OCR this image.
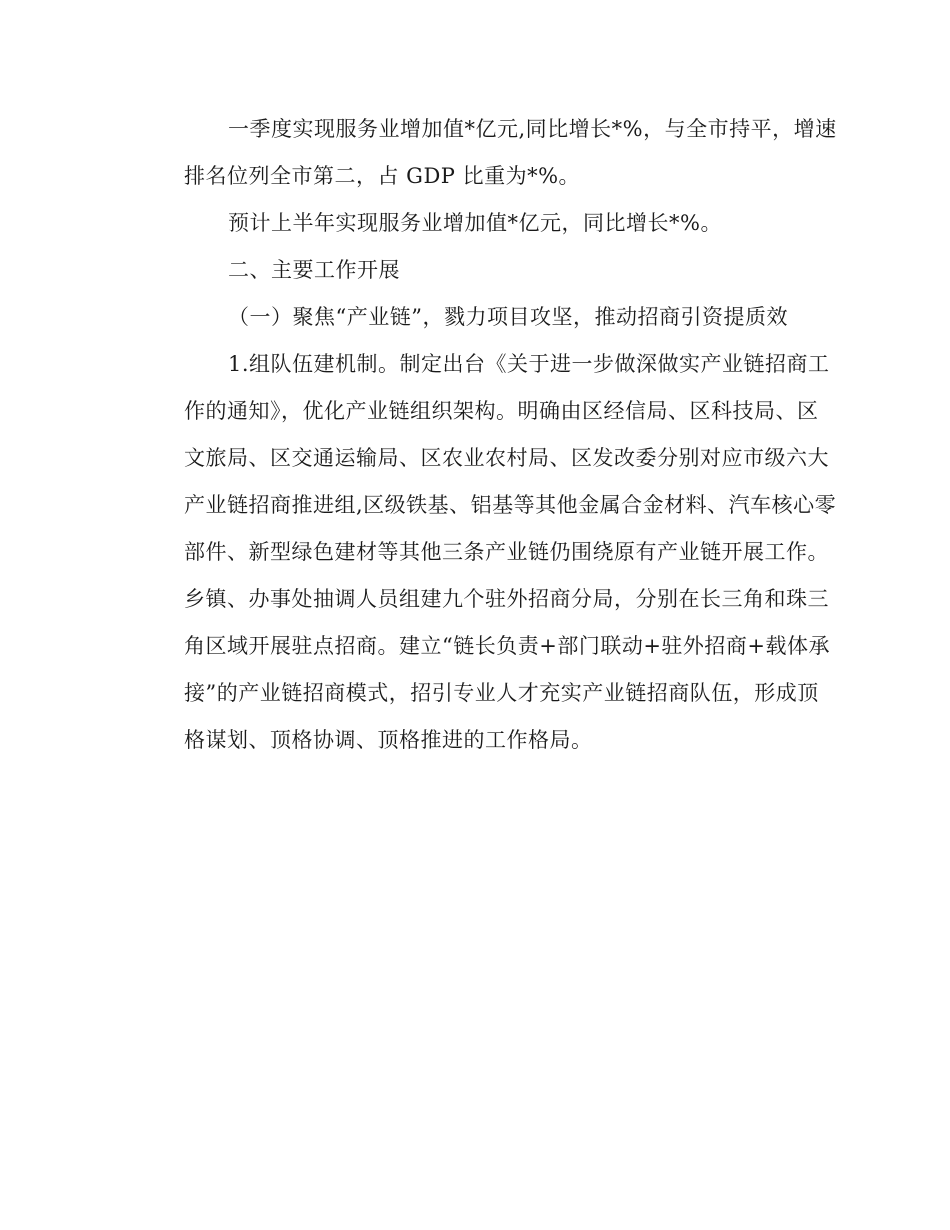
一季度实现服务业增加值*亿元,同比增长*%，与全市持平，增速
排名位列全市第二，占 GDP 比重为*%。
预计上半年实现服务业增加值*亿元，同比增长*%。
二、主要工作开展
（一）聚焦“产业链”，戮力项目攻坚，推动招商引资提质效
1.组队伍建机制。制定出台《关于进一步做深做实产业链招商工
作的通知》，优化产业链组织架构。明确由区经信局、区科技局、区
文旅局、区交通运输局、区农业农村局、区发改委分别对应市级六大
产业链招商推进组,区级铁基、铝基等其他金属合金材料、汽车核心零
部件、新型绿色建材等其他三条产业链仍围绕原有产业链开展工作。
乡镇、办事处抽调人员组建九个驻外招商分局，分别在长三角和珠三
角区域开展驻点招商。建立“链长负责+部门联动+驻外招商+载体承
接”的产业链招商模式，招引专业人才充实产业链招商队伍，形成顶
格谋划、顶格协调、顶格推进的工作格局。
